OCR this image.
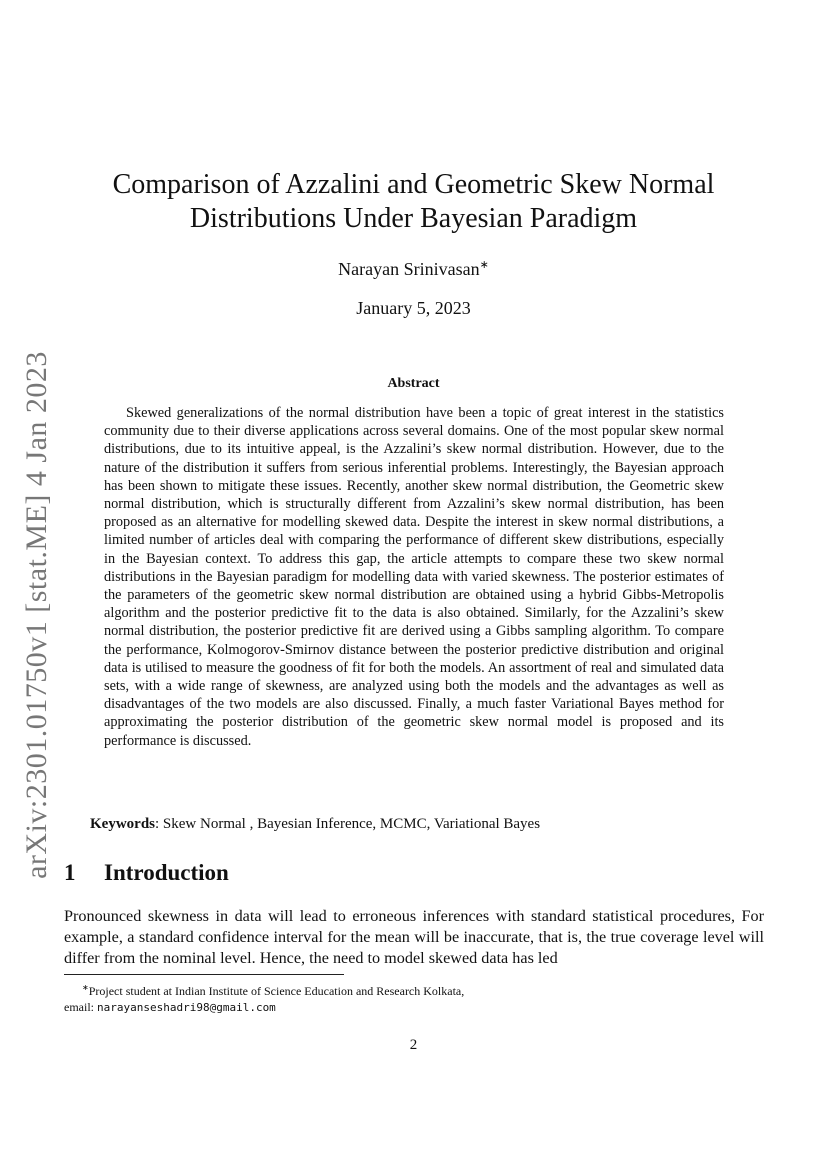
arXiv:2301.01750v1 [stat.ME] 4 Jan 2023
Comparison of Azzalini and Geometric Skew Normal
Distributions Under Bayesian Paradigm
Narayan Srinivasan∗
January 5, 2023
Abstract

Skewed generalizations of the normal distribution have been a topic of great interest in the statistics community due to their diverse applications across several domains. One of the most popular skew normal distributions, due to its intuitive appeal, is the Azzalini’s skew normal distribution. However, due to the nature of the distribution it suffers from serious inferential problems. Interestingly, the Bayesian approach has been shown to mitigate these issues. Recently, another skew normal distribution, the Geometric skew normal distribution, which is structurally different from Azzalini’s skew normal distribution, has been proposed as an alternative for modelling skewed data. Despite the interest in skew normal distributions, a limited number of articles deal with comparing the performance of different skew distributions, especially in the Bayesian context. To address this gap, the article attempts to compare these two skew normal distributions in the Bayesian paradigm for modelling data with varied skewness. The posterior estimates of the parameters of the geometric skew normal distribution are obtained using a hybrid Gibbs-Metropolis algorithm and the posterior predictive fit to the data is also obtained. Similarly, for the Azzalini’s skew normal distribution, the posterior predictive fit are derived using a Gibbs sampling algorithm. To compare the performance, Kolmogorov-Smirnov distance between the posterior predictive distribution and original data is utilised to measure the goodness of fit for both the models. An assortment of real and simulated data sets, with a wide range of skewness, are analyzed using both the models and the advantages as well as disadvantages of the two models are also discussed. Finally, a much faster Variational Bayes method for approximating the posterior distribution of the geometric skew normal model is proposed and its performance is discussed.

Keywords: Skew Normal , Bayesian Inference, MCMC, Variational Bayes
1 Introduction

Pronounced skewness in data will lead to erroneous inferences with standard statistical procedures, For example, a standard confidence interval for the mean will be inaccurate, that is, the true coverage level will differ from the nominal level. Hence, the need to model skewed data has led

∗Project student at Indian Institute of Science Education and Research Kolkata,
email: narayanseshadri98@gmail.com
2
